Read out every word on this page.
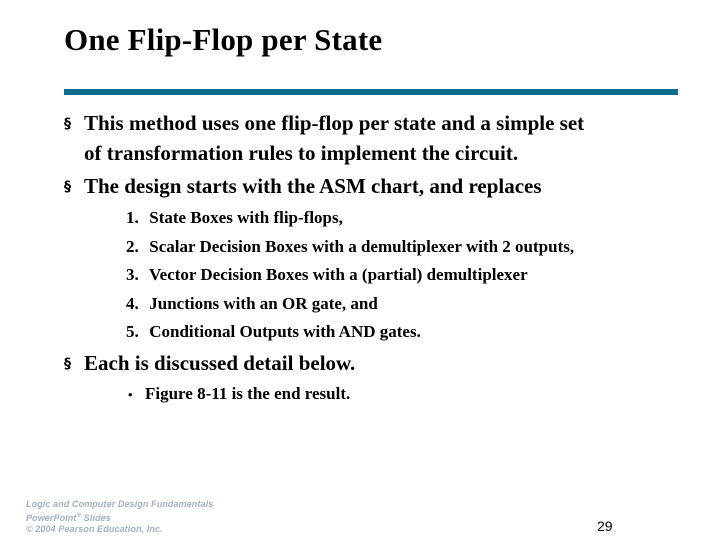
One Flip-Flop per State
§ This method uses one flip-flop per state and a simple set
of transformation rules to implement the circuit.
§ The design starts with the ASM chart, and replaces
1. State Boxes with flip-flops,
2. Scalar Decision Boxes with a demultiplexer with 2 outputs,
3. Vector Decision Boxes with a (partial) demultiplexer
4. Junctions with an OR gate, and
5. Conditional Outputs with AND gates.
§ Each is discussed detail below.
• Figure 8-11 is the end result.
Logic and Computer Design Fundamentals
PowerPoint® Slides
© 2004 Pearson Education, Inc.	29
